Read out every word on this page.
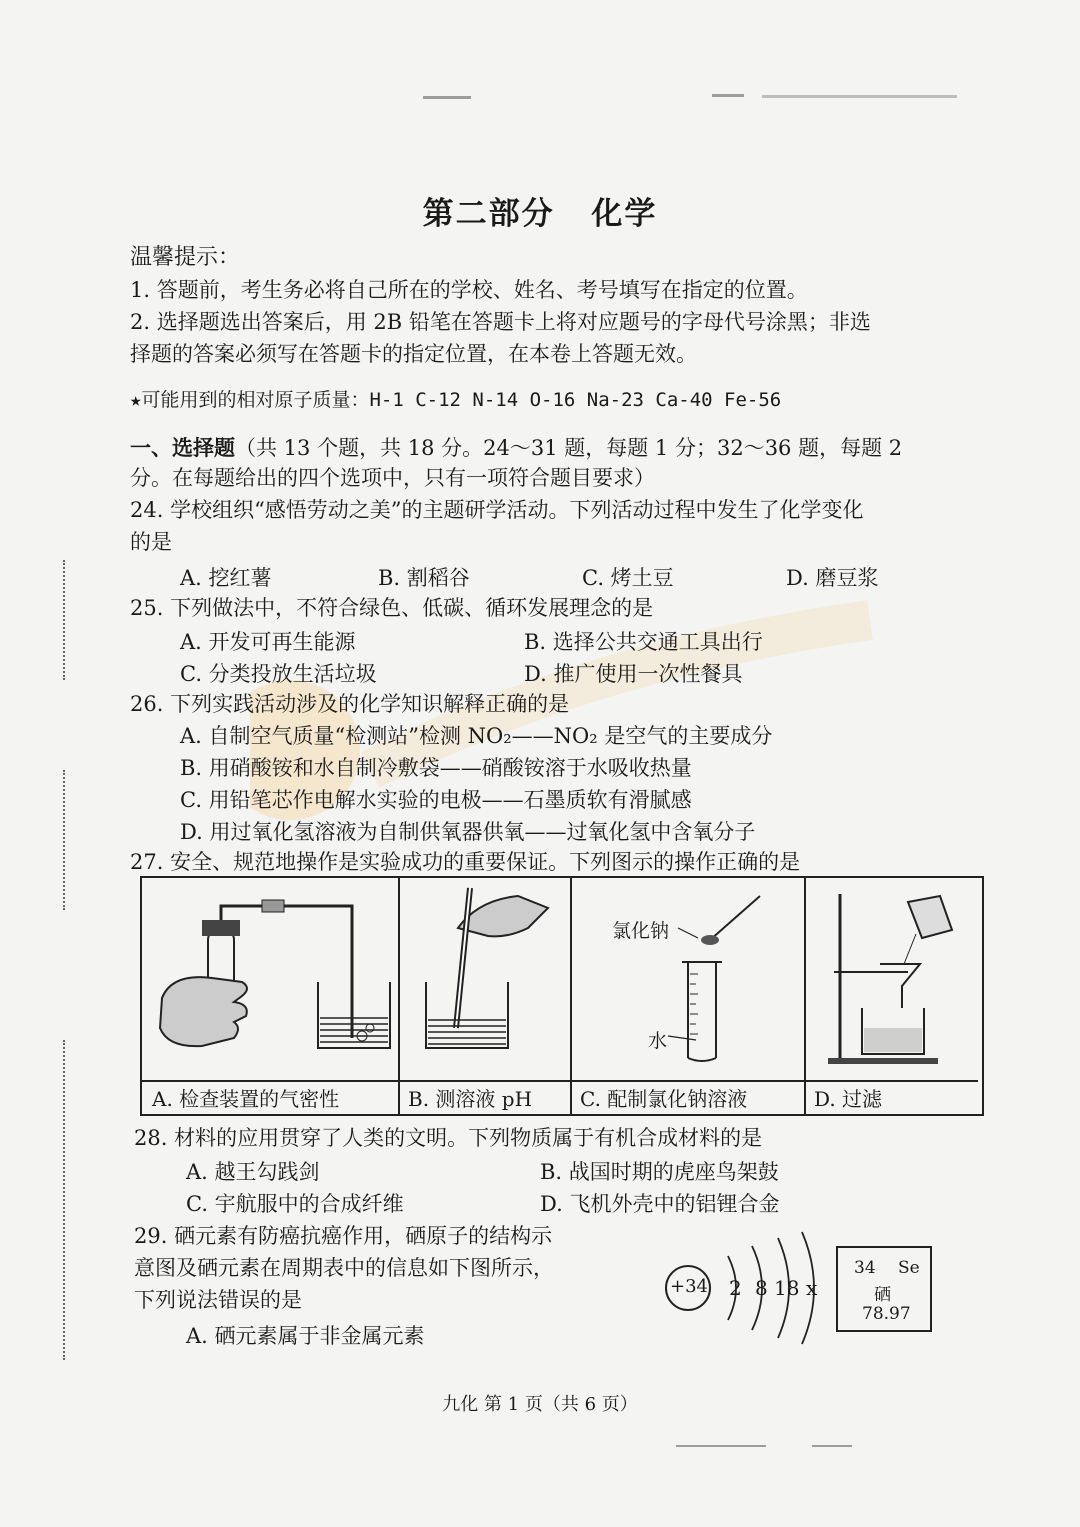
第二部分 化学
温馨提示：
1. 答题前，考生务必将自己所在的学校、姓名、考号填写在指定的位置。
2. 选择题选出答案后，用 2B 铅笔在答题卡上将对应题号的字母代号涂黑；非选
择题的答案必须写在答题卡的指定位置，在本卷上答题无效。
★可能用到的相对原子质量：H-1 C-12 N-14 O-16 Na-23 Ca-40 Fe-56
一、选择题（共 13 个题，共 18 分。24～31 题，每题 1 分；32～36 题，每题 2
分。在每题给出的四个选项中，只有一项符合题目要求）
24. 学校组织“感悟劳动之美”的主题研学活动。下列活动过程中发生了化学变化
的是
A. 挖红薯	B. 割稻谷	C. 烤土豆	D. 磨豆浆
25. 下列做法中，不符合绿色、低碳、循环发展理念的是
A. 开发可再生能源	B. 选择公共交通工具出行
C. 分类投放生活垃圾	D. 推广使用一次性餐具
26. 下列实践活动涉及的化学知识解释正确的是
A. 自制空气质量“检测站”检测 NO₂——NO₂ 是空气的主要成分
B. 用硝酸铵和水自制冷敷袋——硝酸铵溶于水吸收热量
C. 用铅笔芯作电解水实验的电极——石墨质软有滑腻感
D. 用过氧化氢溶液为自制供氧器供氧——过氧化氢中含氧分子
27. 安全、规范地操作是实验成功的重要保证。下列图示的操作正确的是
A. 检查装置的气密性	B. 测溶液 pH
氯化钠
水
C. 配制氯化钠溶液	D. 过滤
28. 材料的应用贯穿了人类的文明。下列物质属于有机合成材料的是
A. 越王勾践剑	B. 战国时期的虎座鸟架鼓
C. 宇航服中的合成纤维	D. 飞机外壳中的铝锂合金
29. 硒元素有防癌抗癌作用，硒原子的结构示
意图及硒元素在周期表中的信息如下图所示，
下列说法错误的是
A. 硒元素属于非金属元素
+34 2 8 18 x
34 Se
硒
78.97
九化 第 1 页（共 6 页）
